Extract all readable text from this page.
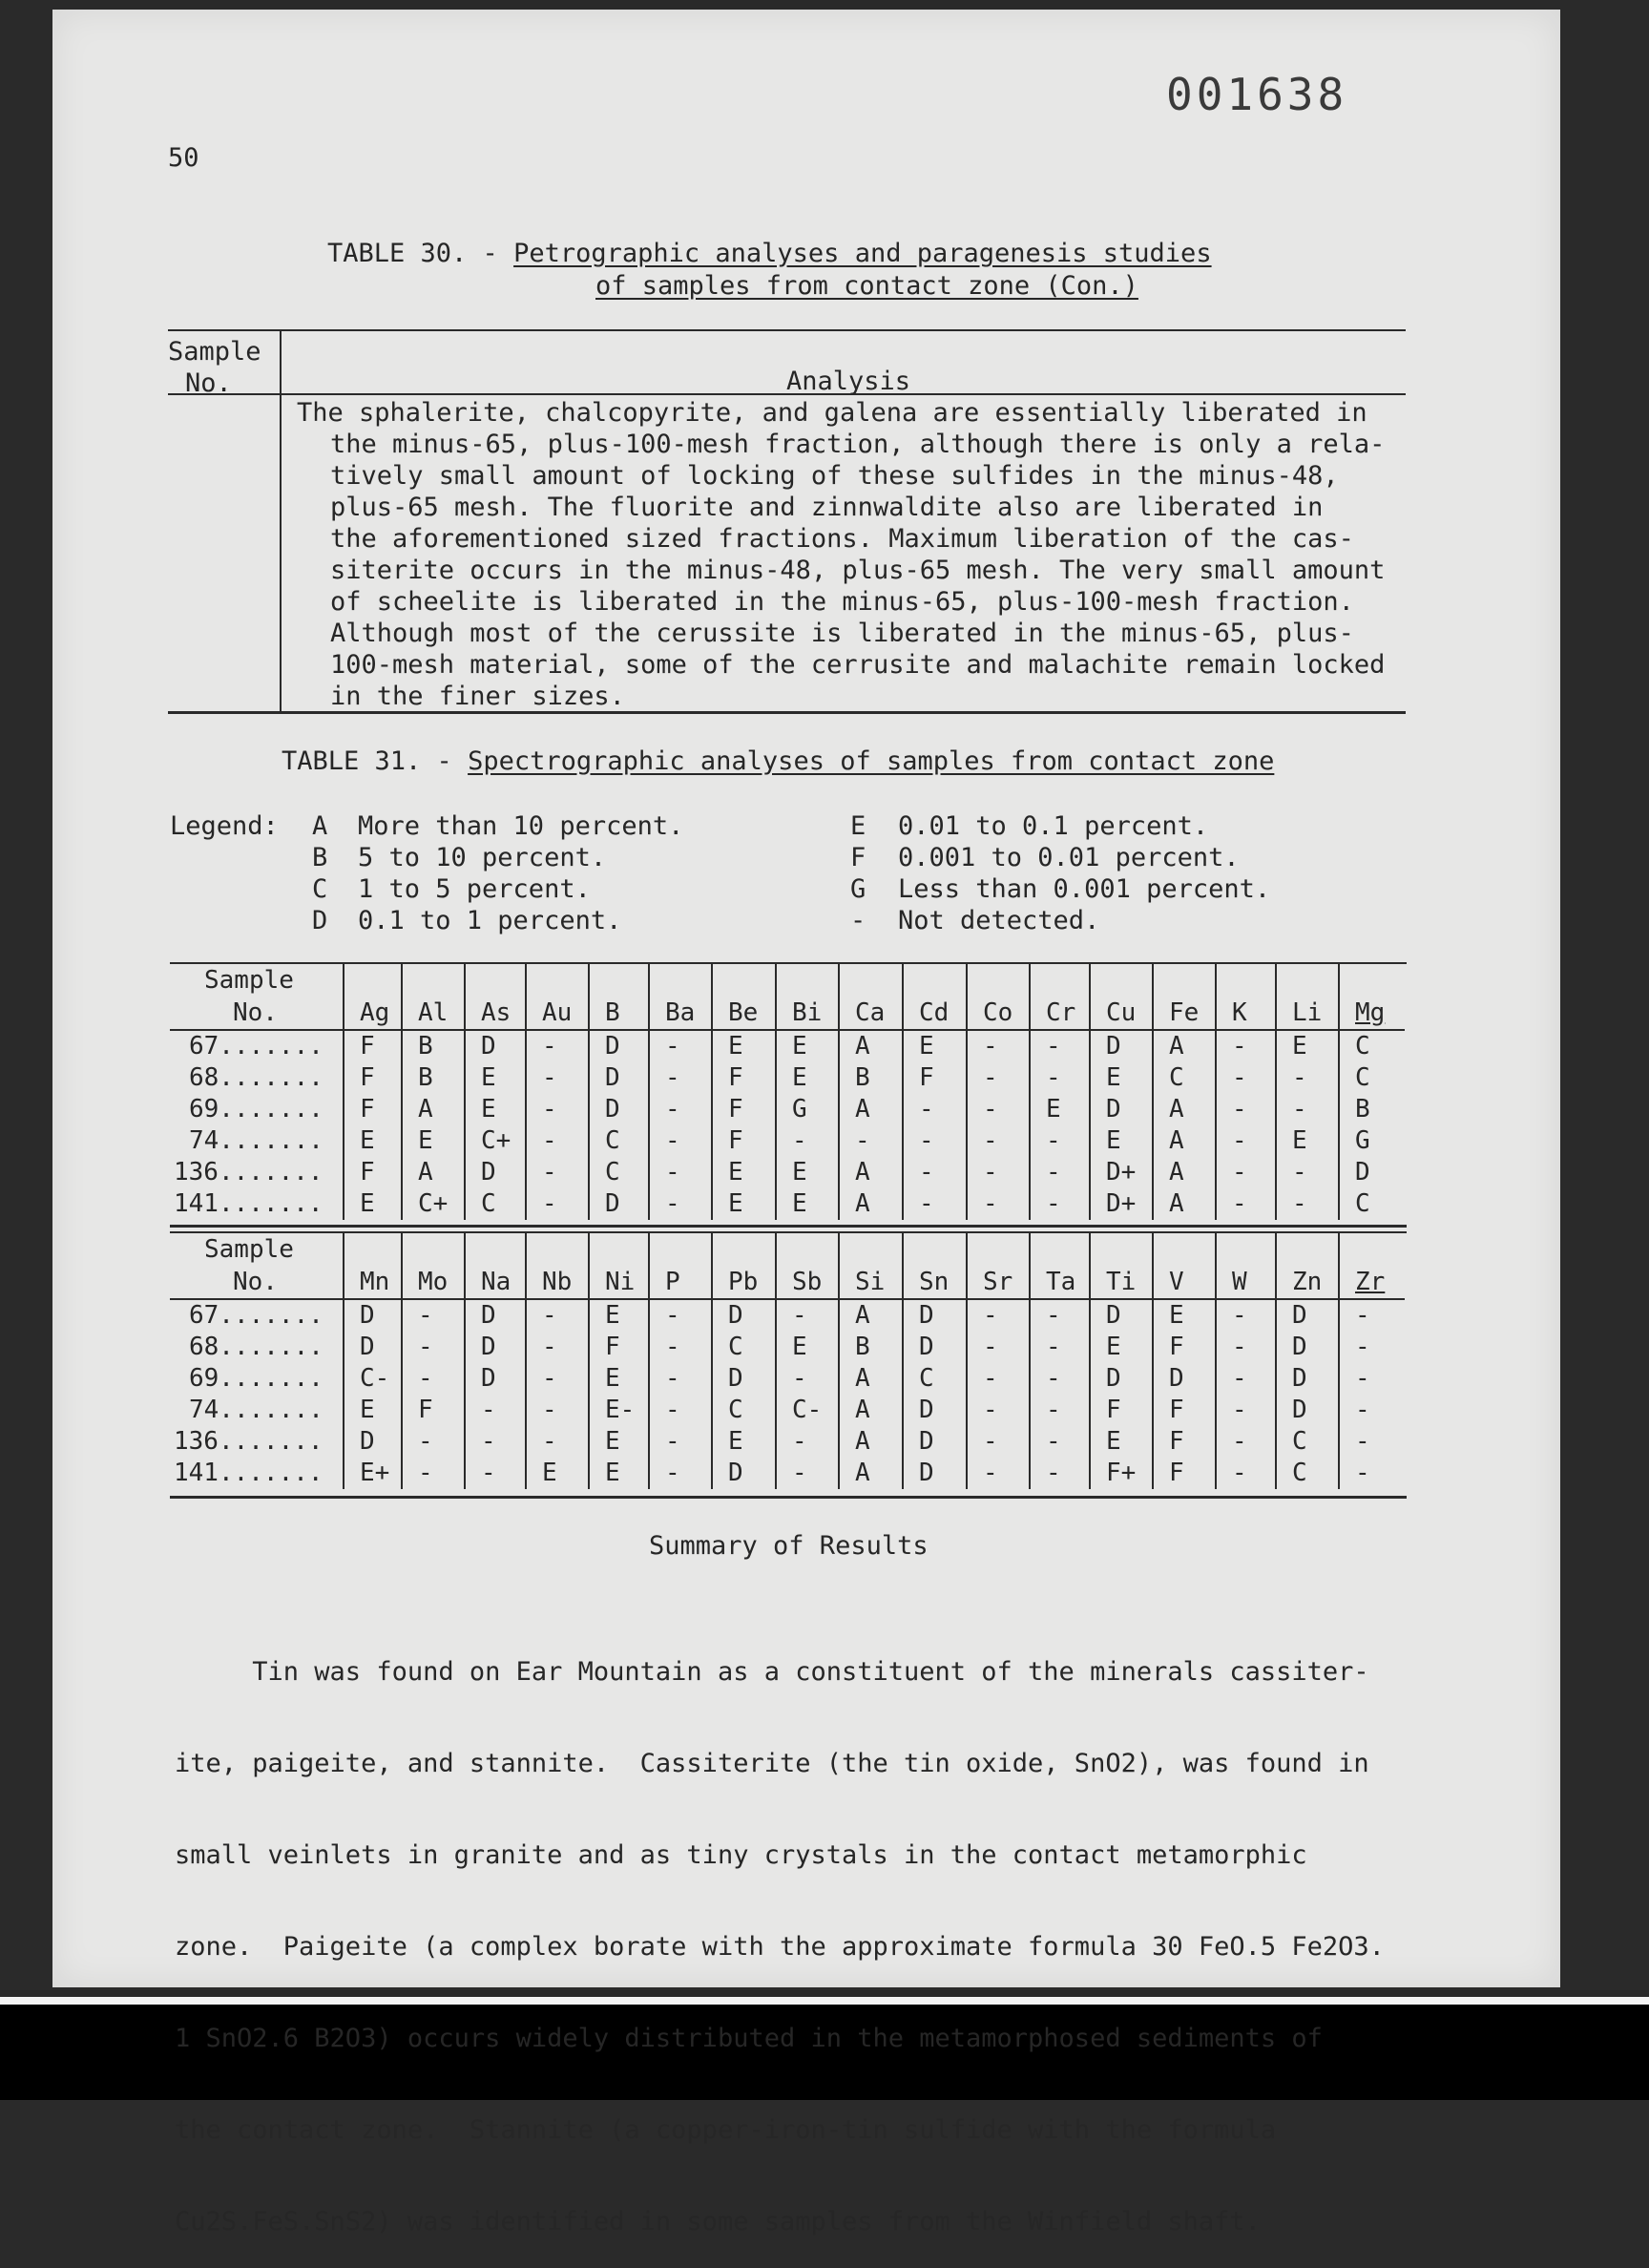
001638
50
TABLE 30. - Petrographic analyses and paragenesis studies
of samples from contact zone (Con.)
Sample
No.	Analysis
The sphalerite, chalcopyrite, and galena are essentially liberated in
the minus-65, plus-100-mesh fraction, although there is only a rela-
tively small amount of locking of these sulfides in the minus-48,
plus-65 mesh. The fluorite and zinnwaldite also are liberated in
the aforementioned sized fractions. Maximum liberation of the cas-
siterite occurs in the minus-48, plus-65 mesh. The very small amount
of scheelite is liberated in the minus-65, plus-100-mesh fraction.
Although most of the cerussite is liberated in the minus-65, plus-
100-mesh material, some of the cerrusite and malachite remain locked
in the finer sizes.
TABLE 31. - Spectrographic analyses of samples from contact zone
Legend: A More than 10 percent.
B 5 to 10 percent.
C 1 to 5 percent.
D 0.1 to 1 percent.
E 0.01 to 0.1 percent.
F 0.001 to 0.01 percent.
G Less than 0.001 percent.
- Not detected.
Sample																	
No.	Ag	Al	As	Au	B	Ba	Be	Bi	Ca	Cd	Co	Cr	Cu	Fe	K	Li	Mg
67.......	F	B	D	-	D	-	E	E	A	E	-	-	D	A	-	E	C
68.......	F	B	E	-	D	-	F	E	B	F	-	-	E	C	-	-	C
69.......	F	A	E	-	D	-	F	G	A	-	-	E	D	A	-	-	B
74.......	E	E	C+	-	C	-	F	-	-	-	-	-	E	A	-	E	G
136.......	F	A	D	-	C	-	E	E	A	-	-	-	D+	A	-	-	D
141.......	E	C+	C	-	D	-	E	E	A	-	-	-	D+	A	-	-	C
Sample																	
No.	Mn	Mo	Na	Nb	Ni	P	Pb	Sb	Si	Sn	Sr	Ta	Ti	V	W	Zn	Zr
67.......	D	-	D	-	E	-	D	-	A	D	-	-	D	E	-	D	-
68.......	D	-	D	-	F	-	C	E	B	D	-	-	E	F	-	D	-
69.......	C-	-	D	-	E	-	D	-	A	C	-	-	D	D	-	D	-
74.......	E	F	-	-	E-	-	C	C-	A	D	-	-	F	F	-	D	-
136.......	D	-	-	-	E	-	E	-	A	D	-	-	E	F	-	C	-
141.......	E+	-	-	E	E	-	D	-	A	D	-	-	F+	F	-	C	-
Summary of Results

Tin was found on Ear Mountain as a constituent of the minerals cassiter-

ite, paigeite, and stannite.  Cassiterite (the tin oxide, SnO2), was found in

small veinlets in granite and as tiny crystals in the contact metamorphic

zone.  Paigeite (a complex borate with the approximate formula 30 FeO.5 Fe2O3.

1 SnO2.6 B2O3) occurs widely distributed in the metamorphosed sediments of

the contact zone.  Stannite (a copper-iron-tin sulfide with the formula

Cu2S.FeS.SnS2) was identified in some samples from the Winfield shaft.
